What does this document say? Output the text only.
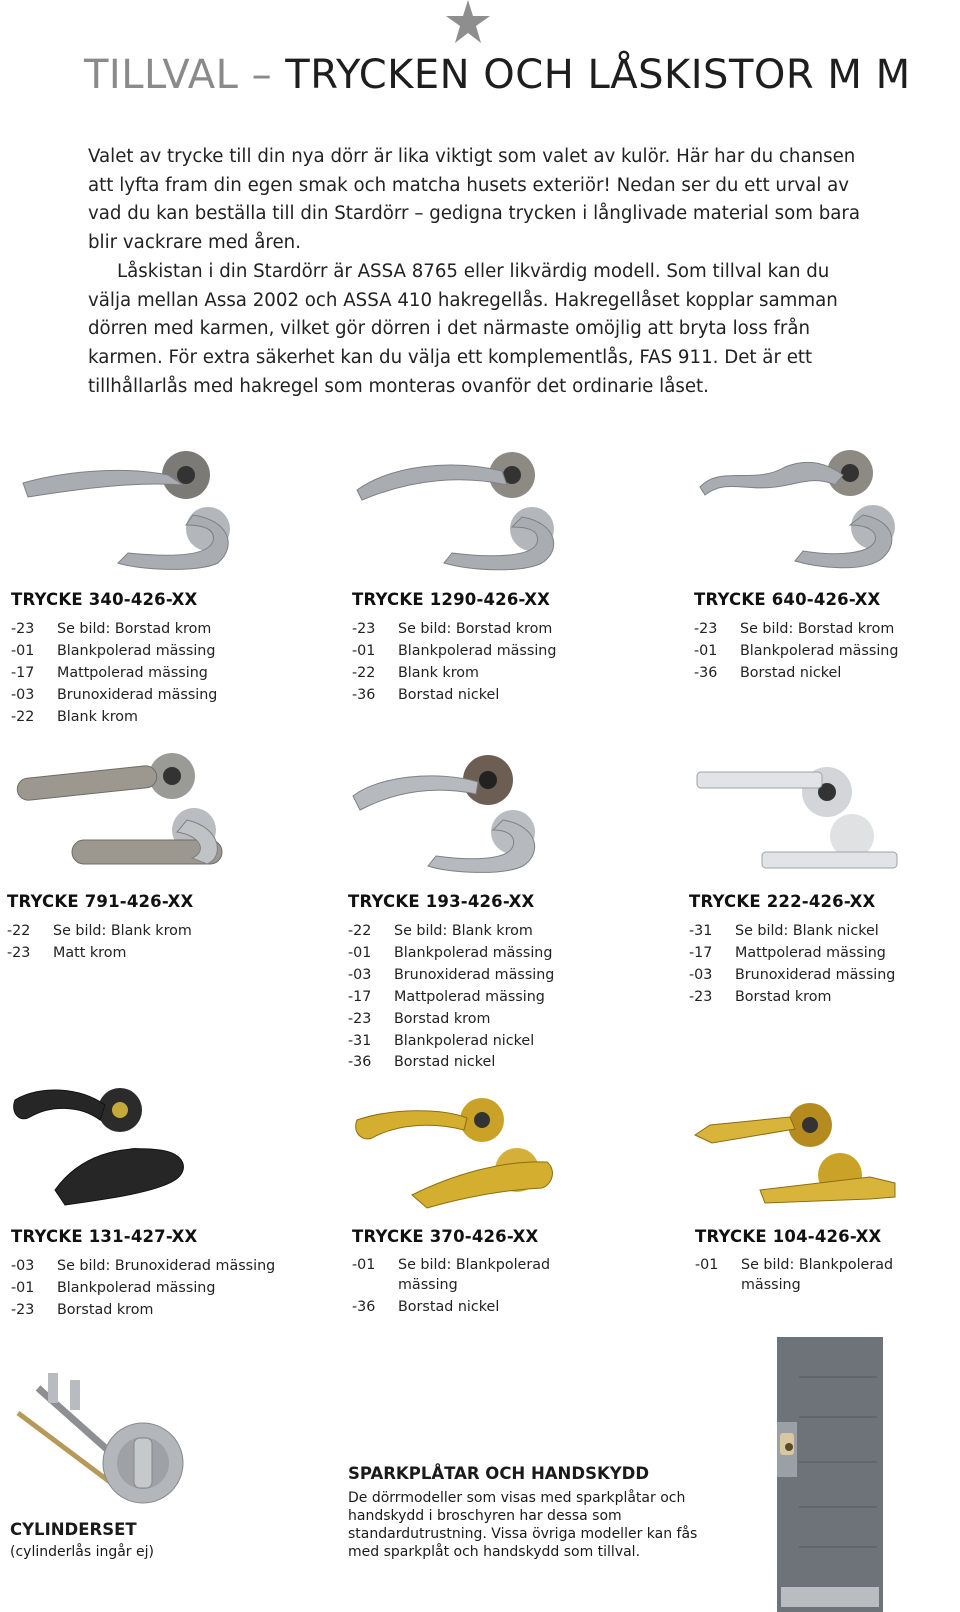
TILLVAL – TRYCKEN OCH LÅSKISTOR M M

Valet av trycke till din nya dörr är lika viktigt som valet av kulör. Här har du chansen att lyfta fram din egen smak och matcha husets exteriör! Nedan ser du ett urval av vad du kan beställa till din Stardörr – gedigna trycken i långlivade material som bara blir vackrare med åren.

Låskistan i din Stardörr är ASSA 8765 eller likvärdig modell. Som tillval kan du välja mellan Assa 2002 och ASSA 410 hakregellås. Hakregellåset kopplar samman dörren med karmen, vilket gör dörren i det närmaste omöjlig att bryta loss från karmen. För extra säkerhet kan du välja ett komplementlås, FAS 911. Det är ett tillhållarlås med hakregel som monteras ovanför det ordinarie låset.

TRYCKE 340-426-XX
-23	Se bild: Borstad krom
-01	Blankpolerad mässing
-17	Mattpolerad mässing
-03	Brunoxiderad mässing
-22	Blank krom
TRYCKE 1290-426-XX
-23	Se bild: Borstad krom
-01	Blankpolerad mässing
-22	Blank krom
-36	Borstad nickel
TRYCKE 640-426-XX
-23	Se bild: Borstad krom
-01	Blankpolerad mässing
-36	Borstad nickel
TRYCKE 791-426-XX
-22	Se bild: Blank krom
-23	Matt krom
TRYCKE 193-426-XX
-22	Se bild: Blank krom
-01	Blankpolerad mässing
-03	Brunoxiderad mässing
-17	Mattpolerad mässing
-23	Borstad krom
-31	Blankpolerad nickel
-36	Borstad nickel
TRYCKE 222-426-XX
-31	Se bild: Blank nickel
-17	Mattpolerad mässing
-03	Brunoxiderad mässing
-23	Borstad krom
TRYCKE 131-427-XX
-03	Se bild: Brunoxiderad mässing
-01	Blankpolerad mässing
-23	Borstad krom
TRYCKE 370-426-XX
-01	Se bild: Blankpolerad mässing
-36	Borstad nickel
TRYCKE 104-426-XX
-01	Se bild: Blankpolerad mässing
CYLINDERSET
(cylinderlås ingår ej)
SPARKPLÅTAR OCH HANDSKYDD
De dörrmodeller som visas med sparkplåtar och handskydd i broschyren har dessa som standardutrustning. Vissa övriga modeller kan fås med sparkplåt och handskydd som tillval.
